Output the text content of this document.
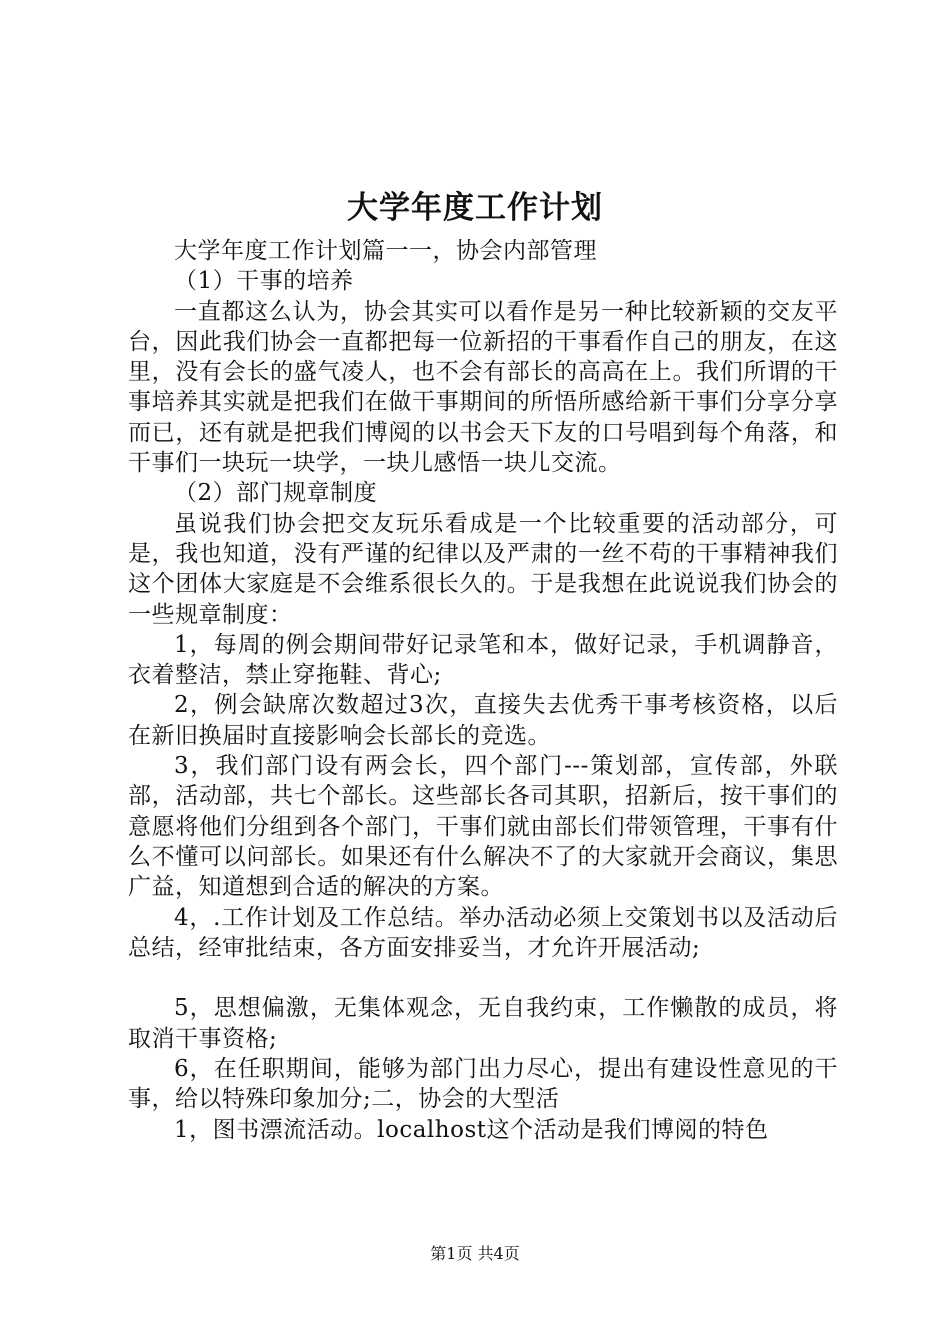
大学年度工作计划

大学年度工作计划篇一一，协会内部管理

（1）干事的培养

一直都这么认为，协会其实可以看作是另一种比较新颖的交友平台，因此我们协会一直都把每一位新招的干事看作自己的朋友，在这里，没有会长的盛气凌人，也不会有部长的高高在上。我们所谓的干事培养其实就是把我们在做干事期间的所悟所感给新干事们分享分享而已，还有就是把我们博阅的以书会天下友的口号唱到每个角落，和干事们一块玩一块学，一块儿感悟一块儿交流。

（2）部门规章制度

虽说我们协会把交友玩乐看成是一个比较重要的活动部分，可是，我也知道，没有严谨的纪律以及严肃的一丝不苟的干事精神我们这个团体大家庭是不会维系很长久的。于是我想在此说说我们协会的一些规章制度：

1，每周的例会期间带好记录笔和本，做好记录，手机调静音，衣着整洁，禁止穿拖鞋、背心;

2，例会缺席次数超过3次，直接失去优秀干事考核资格，以后在新旧换届时直接影响会长部长的竞选。

3，我们部门设有两会长，四个部门---策划部，宣传部，外联部，活动部，共七个部长。这些部长各司其职，招新后，按干事们的意愿将他们分组到各个部门，干事们就由部长们带领管理，干事有什么不懂可以问部长。如果还有什么解决不了的大家就开会商议，集思广益，知道想到合适的解决的方案。

4，.工作计划及工作总结。举办活动必须上交策划书以及活动后总结，经审批结束，各方面安排妥当，才允许开展活动;

5，思想偏激，无集体观念，无自我约束，工作懒散的成员，将取消干事资格;

6，在任职期间，能够为部门出力尽心，提出有建设性意见的干事，给以特殊印象加分;二，协会的大型活

1，图书漂流活动。localhost这个活动是我们博阅的特色

第1页 共4页
